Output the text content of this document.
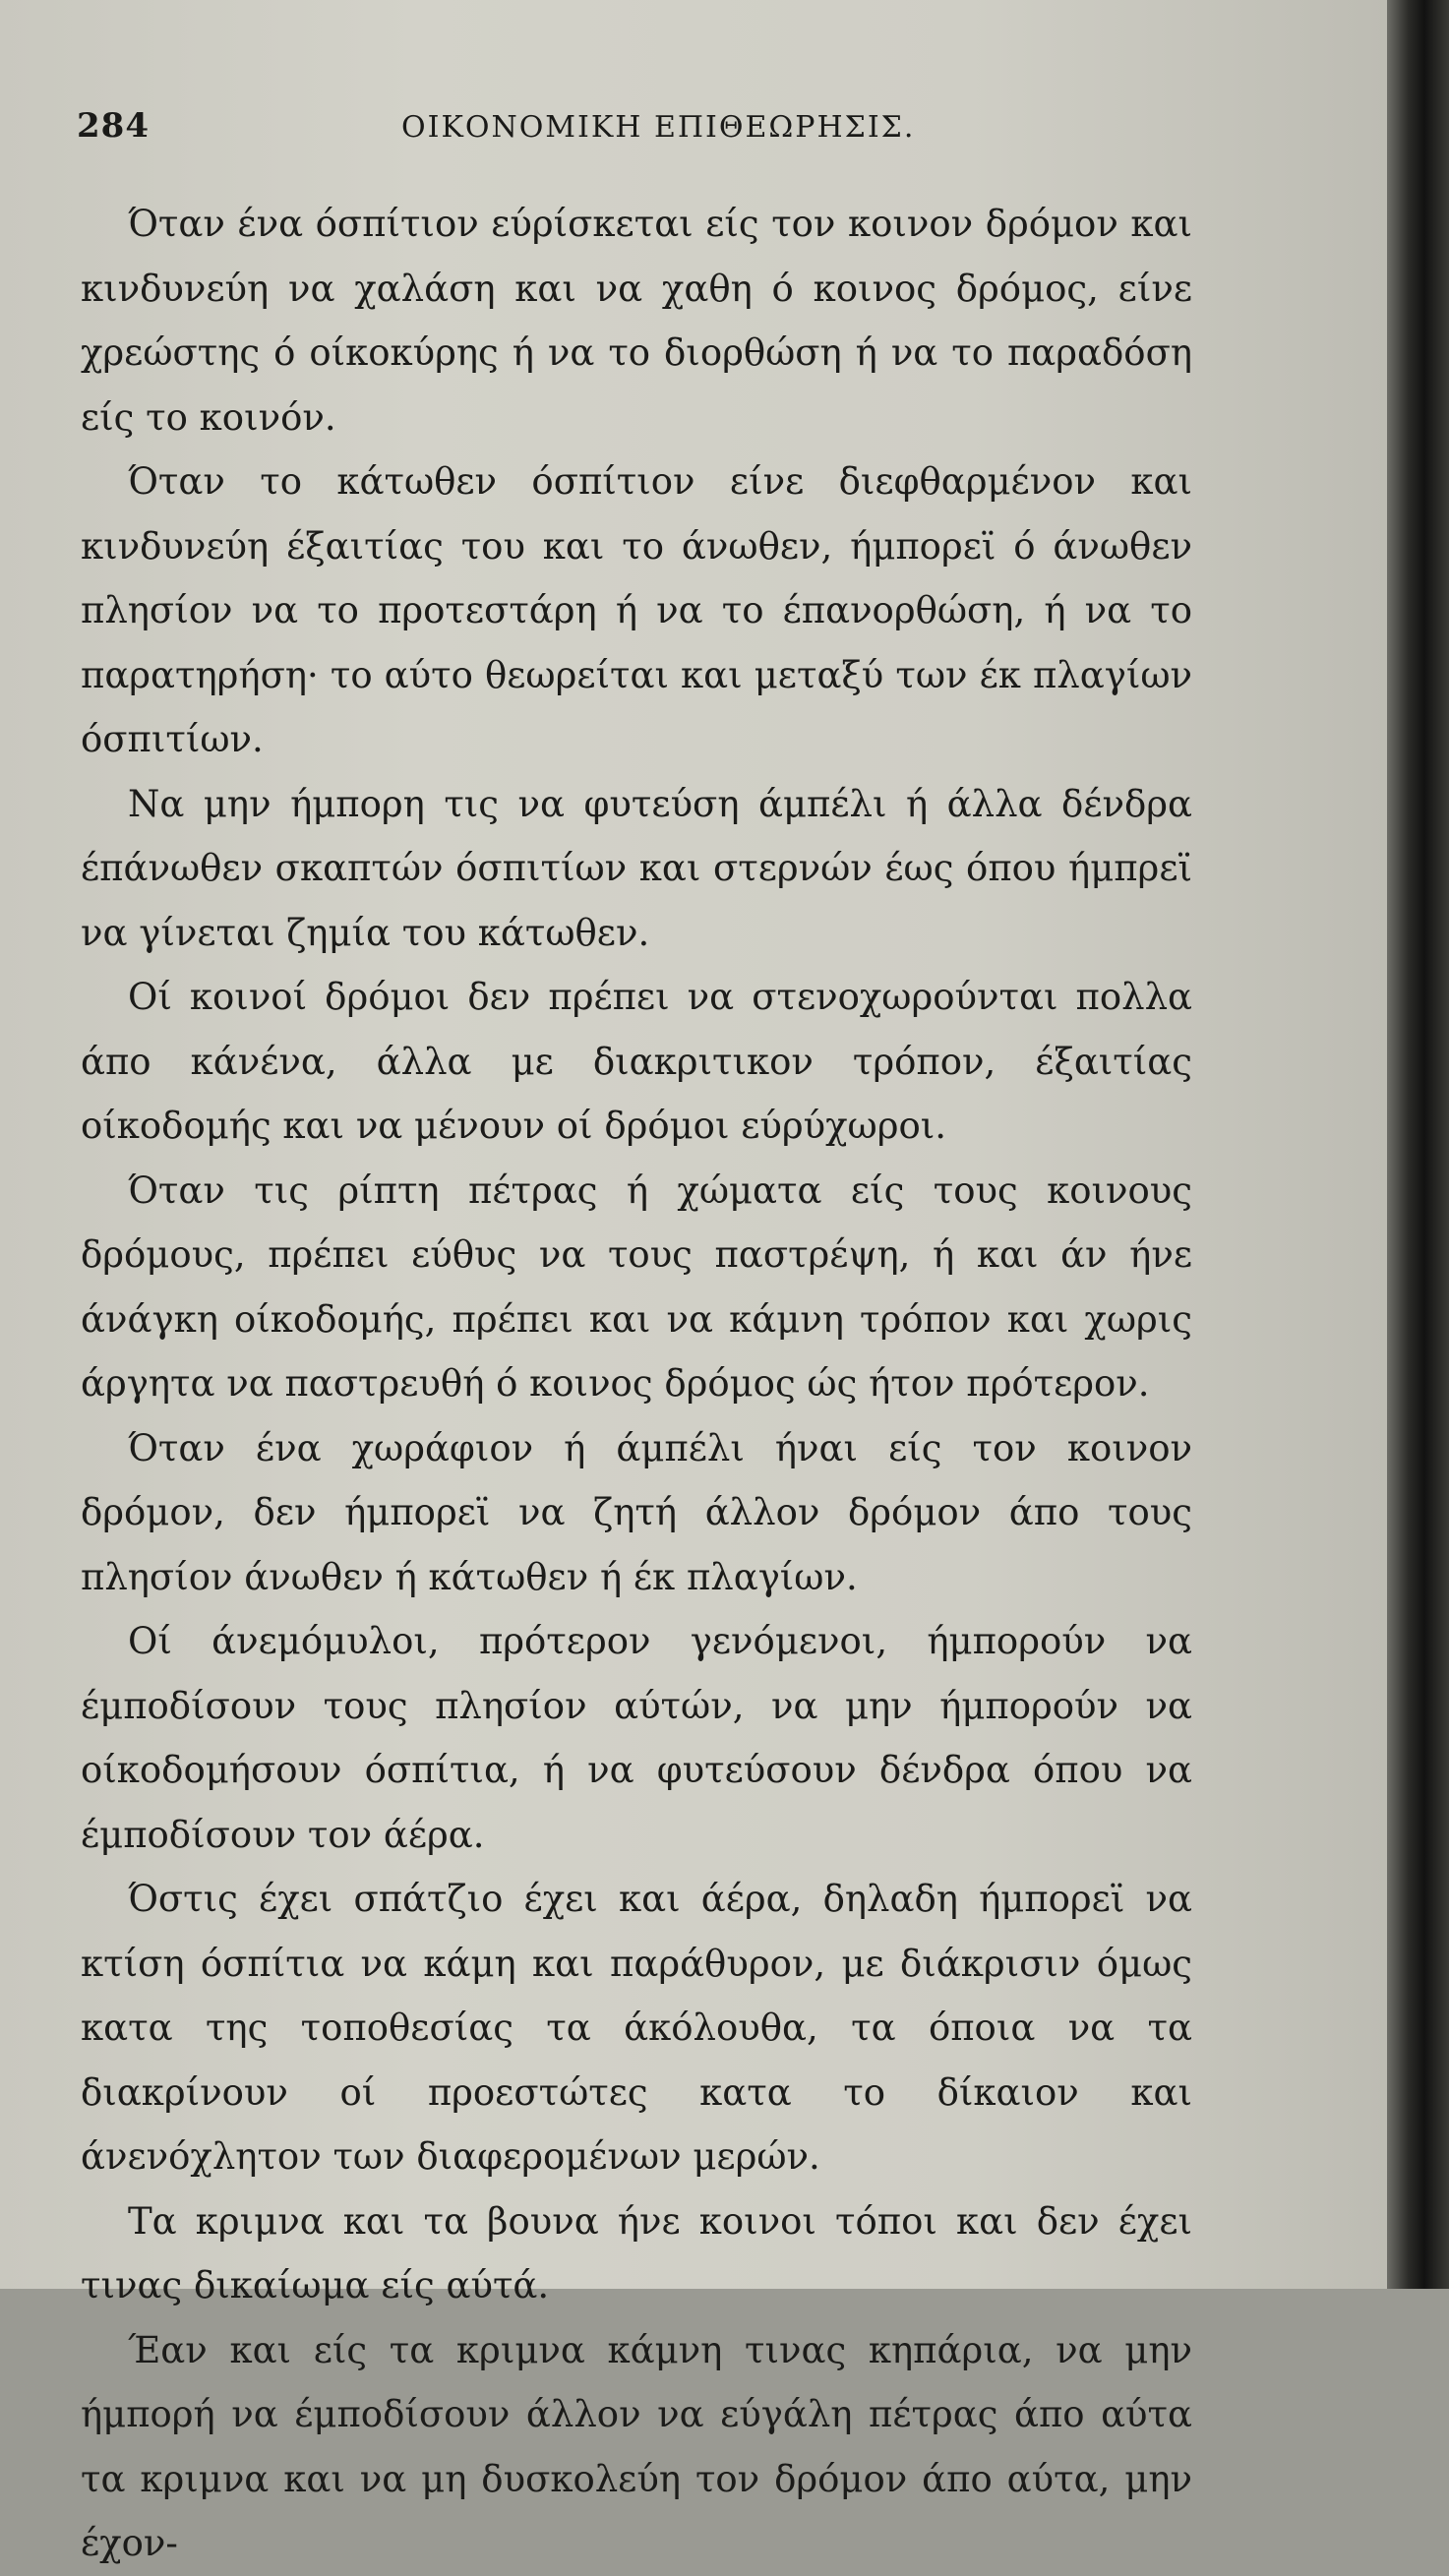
284	ΟΙΚΟΝΟΜΙΚΗ ΕΠΙΘΕΩΡΗΣΙΣ.

Όταν ένα όσπίτιον εύρίσκεται είς τον κοινον δρόμον και κινδυνεύη να χαλάση και να χαθη ό κοινος δρόμος, είνε χρεώστης ό οίκοκύρης ή να το διορθώση ή να το παραδόση είς το κοινόν.

Όταν το κάτωθεν όσπίτιον είνε διεφθαρμένον και κινδυνεύη έξαιτίας του και το άνωθεν, ήμπορεϊ ό άνωθεν πλησίον να το προτεστάρη ή να το έπανορθώση, ή να το παρατηρήση· το αύτο θεωρείται και μεταξύ των έκ πλαγίων όσπιτίων.

Να μην ήμπορη τις να φυτεύση άμπέλι ή άλλα δένδρα έπάνωθεν σκαπτών όσπιτίων και στερνών έως όπου ήμπρεϊ να γίνεται ζημία του κάτωθεν.

Οί κοινοί δρόμοι δεν πρέπει να στενοχωρούνται πολλα άπο κάνένα, άλλα με διακριτικον τρόπον, έξαιτίας οίκοδομής και να μένουν οί δρόμοι εύρύχωροι.

Όταν τις ρίπτη πέτρας ή χώματα είς τους κοινους δρόμους, πρέπει εύθυς να τους παστρέψη, ή και άν ήνε άνάγκη οίκοδομής, πρέπει και να κάμνη τρόπον και χωρις άργητα να παστρευθή ό κοινος δρόμος ώς ήτον πρότερον.

Όταν ένα χωράφιον ή άμπέλι ήναι είς τον κοινον δρόμον, δεν ήμπορεϊ να ζητή άλλον δρόμον άπο τους πλησίον άνωθεν ή κάτωθεν ή έκ πλαγίων.

Οί άνεμόμυλοι, πρότερον γενόμενοι, ήμπορούν να έμποδίσουν τους πλησίον αύτών, να μην ήμπορούν να οίκοδομήσουν όσπίτια, ή να φυτεύσουν δένδρα όπου να έμποδίσουν τον άέρα.

Όστις έχει σπάτζιο έχει και άέρα, δηλαδη ήμπορεϊ να κτίση όσπίτια να κάμη και παράθυρον, με διάκρισιν όμως κατα της τοποθεσίας τα άκόλουθα, τα όποια να τα διακρίνουν οί προεστώτες κατα το δίκαιον και άνενόχλητον των διαφερομένων μερών.

Τα κριμνα και τα βουνα ήνε κοινοι τόποι και δεν έχει τινας δικαίωμα είς αύτά.

Έαν και είς τα κριμνα κάμνη τινας κηπάρια, να μην ήμπορή να έμποδίσουν άλλον να εύγάλη πέτρας άπο αύτα τα κριμνα και να μη δυσκολεύη τον δρόμον άπο αύτα, μην έχον-
